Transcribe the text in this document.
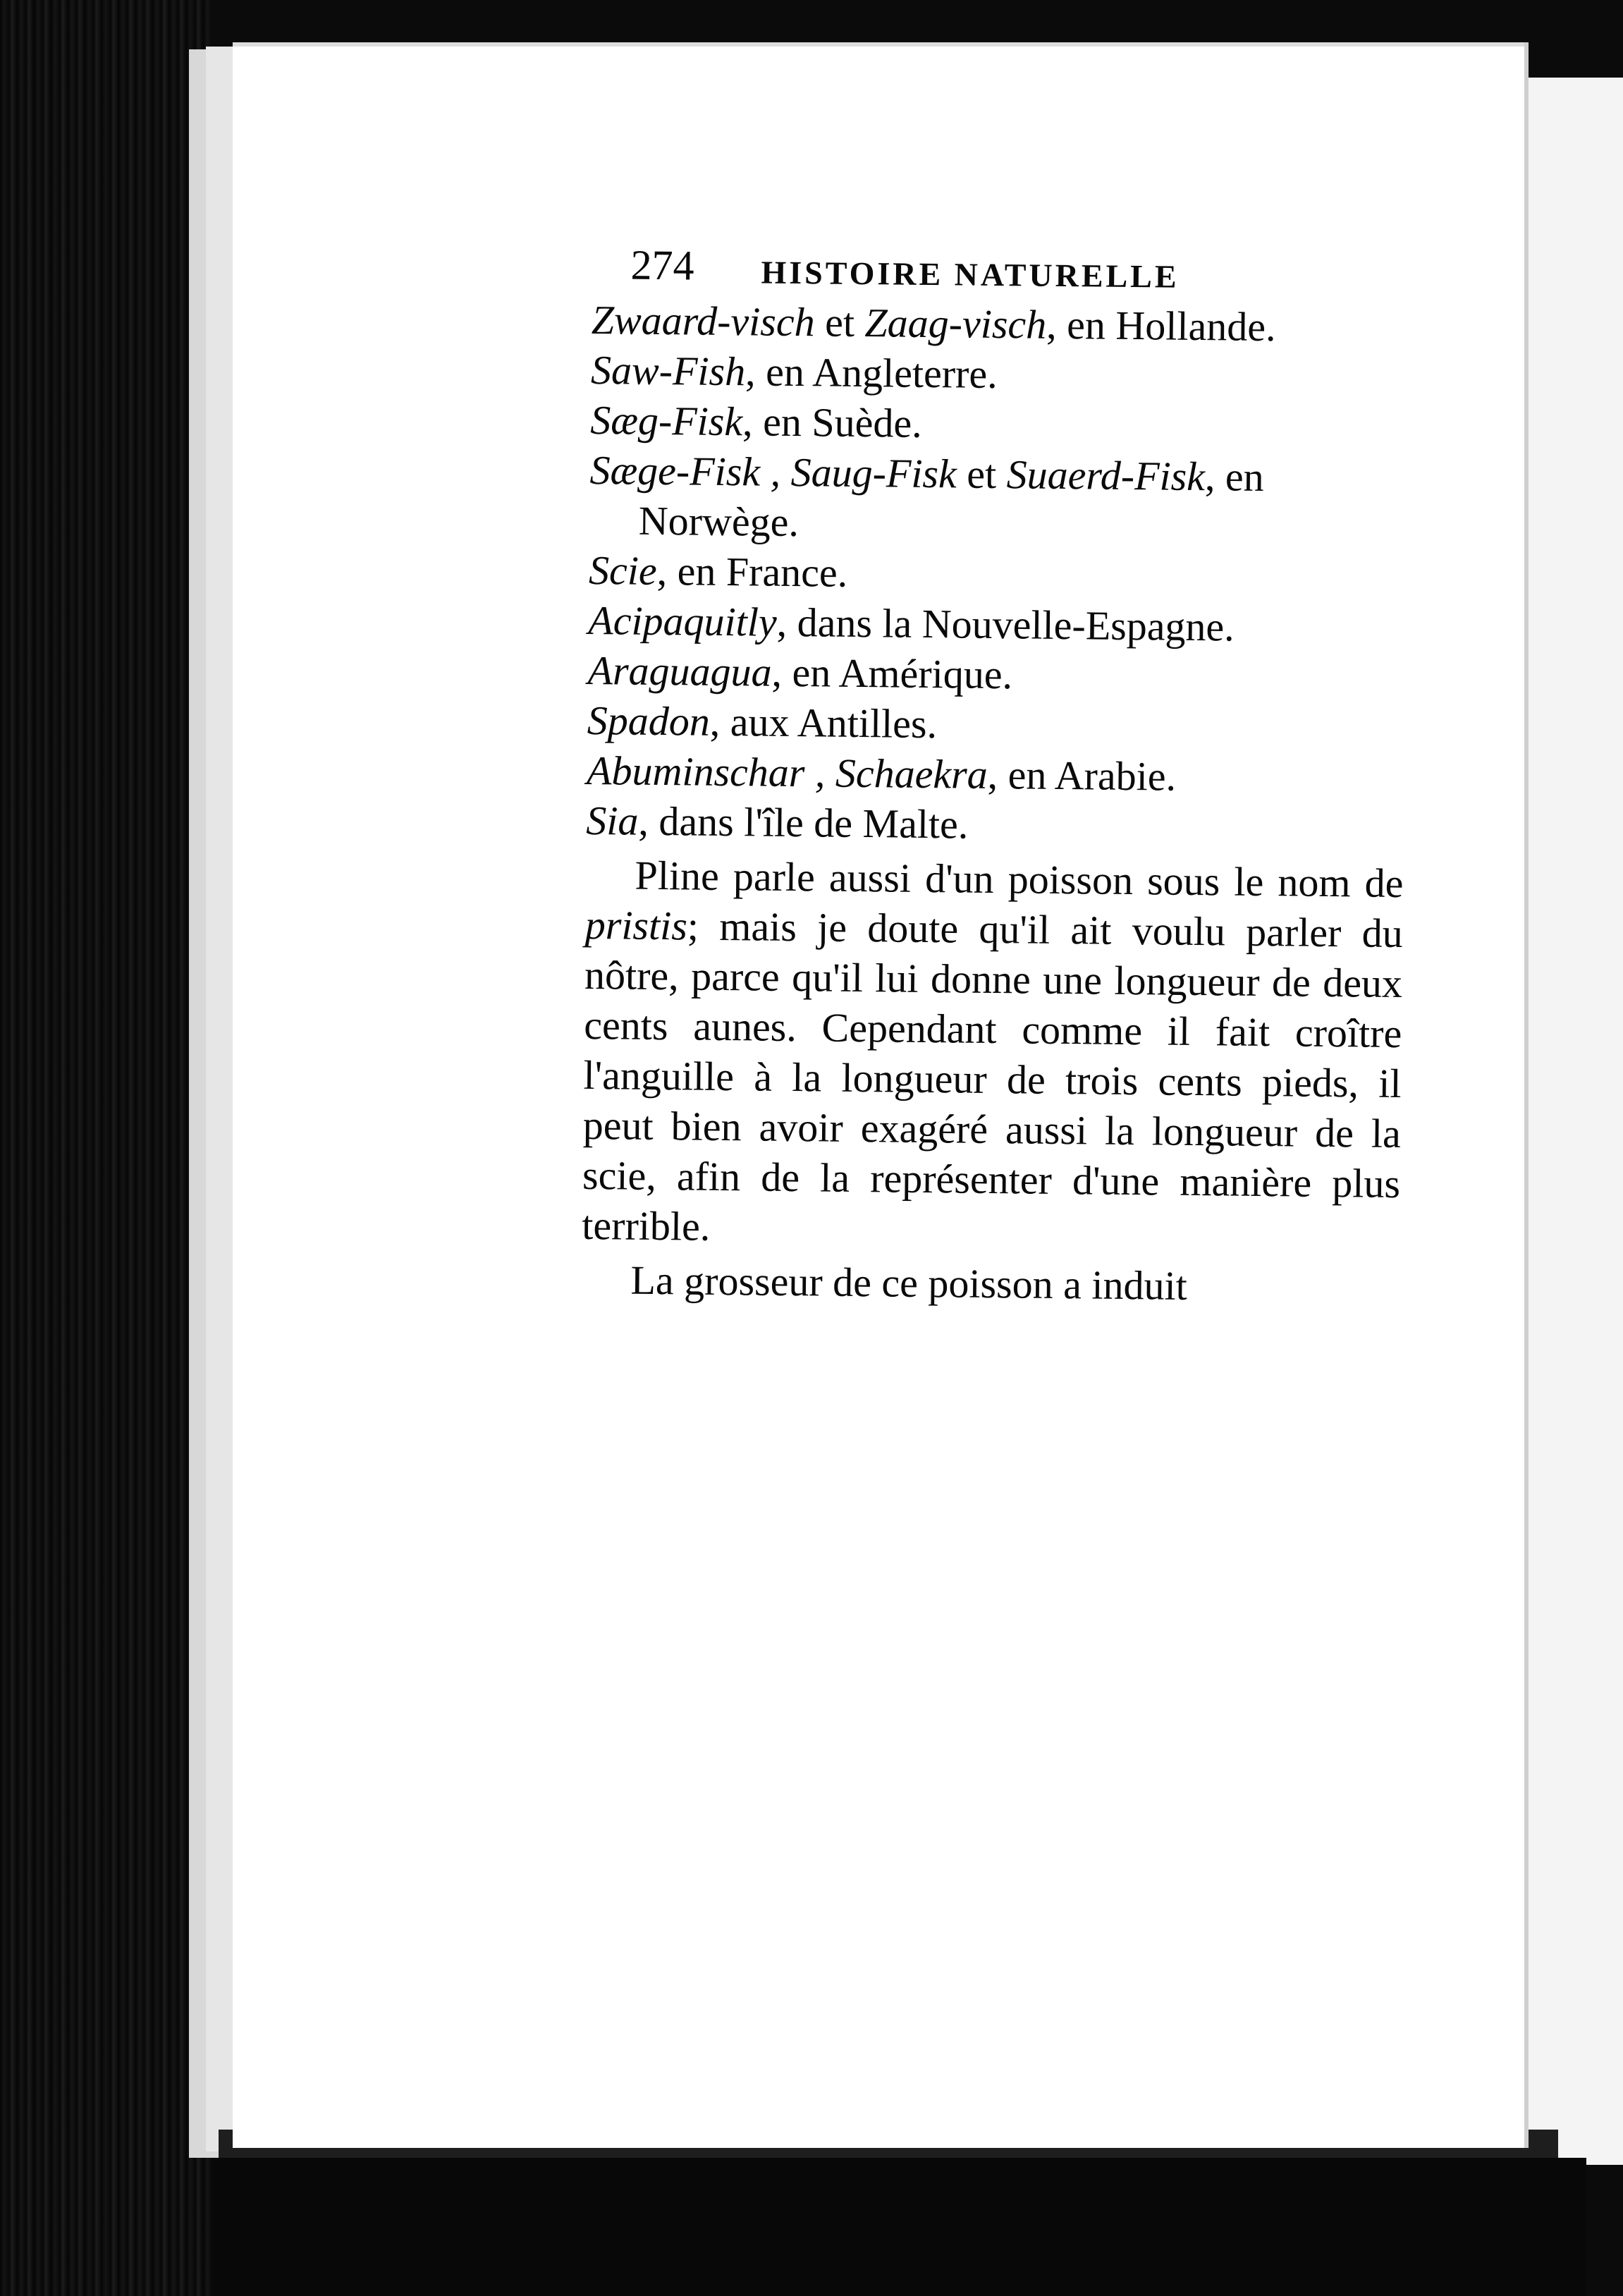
274 HISTOIRE NATURELLE

Zwaard-visch et Zaag-visch, en Hollande.

Saw-Fish, en Angleterre.

Sæg-Fisk, en Suède.

Sæge-Fisk , Saug-Fisk et Suaerd-Fisk, en Norwège.

Scie, en France.

Acipaquitly, dans la Nouvelle-Espagne.

Araguagua, en Amérique.

Spadon, aux Antilles.

Abuminschar , Schaekra, en Arabie.

Sia, dans l'île de Malte.

Pline parle aussi d'un poisson sous le nom de pristis; mais je doute qu'il ait voulu parler du nôtre, parce qu'il lui donne une longueur de deux cents aunes. Cependant comme il fait croître l'anguille à la longueur de trois cents pieds, il peut bien avoir exagéré aussi la longueur de la scie, afin de la représenter d'une manière plus terrible.

La grosseur de ce poisson a induit
